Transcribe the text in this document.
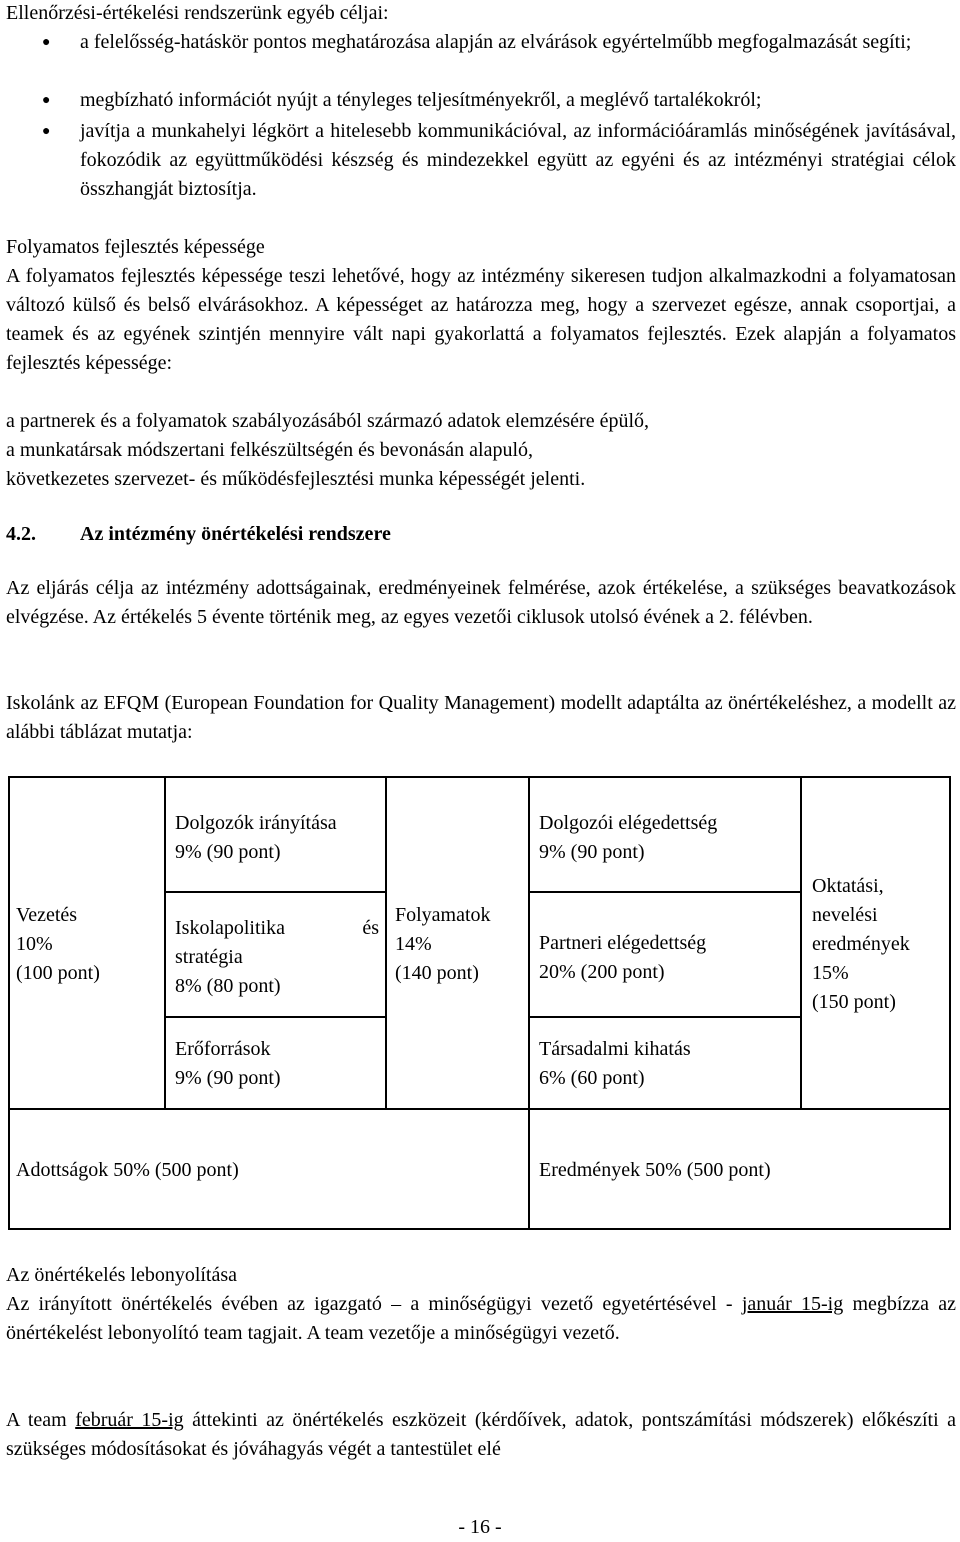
Ellenőrzési-értékelési rendszerünk egyéb céljai:
● a felelősség-hatáskör pontos meghatározása alapján az elvárások egyértelműbb megfogalmazását segíti;
● megbízható információt nyújt a tényleges teljesítményekről, a meglévő tartalékokról;
● javítja a munkahelyi légkört a hitelesebb kommunikációval, az információáramlás minőségének javításával, fokozódik az együttműködési készség és mindezekkel együtt az egyéni és az intézményi stratégiai célok összhangját biztosítja.
Folyamatos fejlesztés képessége
A folyamatos fejlesztés képessége teszi lehetővé, hogy az intézmény sikeresen tudjon alkalmazkodni a folyamatosan változó külső és belső elvárásokhoz. A képességet az határozza meg, hogy a szervezet egésze, annak csoportjai, a teamek és az egyének szintjén mennyire vált napi gyakorlattá a folyamatos fejlesztés. Ezek alapján a folyamatos fejlesztés képessége:
a partnerek és a folyamatok szabályozásából származó adatok elemzésére épülő,
a munkatársak módszertani felkészültségén és bevonásán alapuló,
következetes szervezet- és működésfejlesztési munka képességét jelenti.
4.2. Az intézmény önértékelési rendszere
Az eljárás célja az intézmény adottságainak, eredményeinek felmérése, azok értékelése, a szükséges beavatkozások elvégzése. Az értékelés 5 évente történik meg, az egyes vezetői ciklusok utolsó évének a 2. félévben.
Iskolánk az EFQM (European Foundation for Quality Management) modellt adaptálta az önértékeléshez, a modellt az alábbi táblázat mutatja:
Vezetés
10%
(100 pont)
Dolgozók irányítása
9% (90 pont)
Iskolapolitika	és
stratégia
8% (80 pont)
Erőforrások
9% (90 pont)
Folyamatok
14%
(140 pont)
Dolgozói elégedettség
9% (90 pont)
Partneri elégedettség
20% (200 pont)
Társadalmi kihatás
6% (60 pont)
Oktatási,
nevelési
eredmények
15%
(150 pont)
Adottságok 50% (500 pont)	Eredmények 50% (500 pont)
Az önértékelés lebonyolítása
Az irányított önértékelés évében az igazgató – a minőségügyi vezető egyetértésével - január 15-ig megbízza az önértékelést lebonyolító team tagjait. A team vezetője a minőségügyi vezető.
A team február 15-ig áttekinti az önértékelés eszközeit (kérdőívek, adatok, pontszámítási módszerek) előkészíti a szükséges módosításokat és jóváhagyás végét a tantestület elé
- 16 -
